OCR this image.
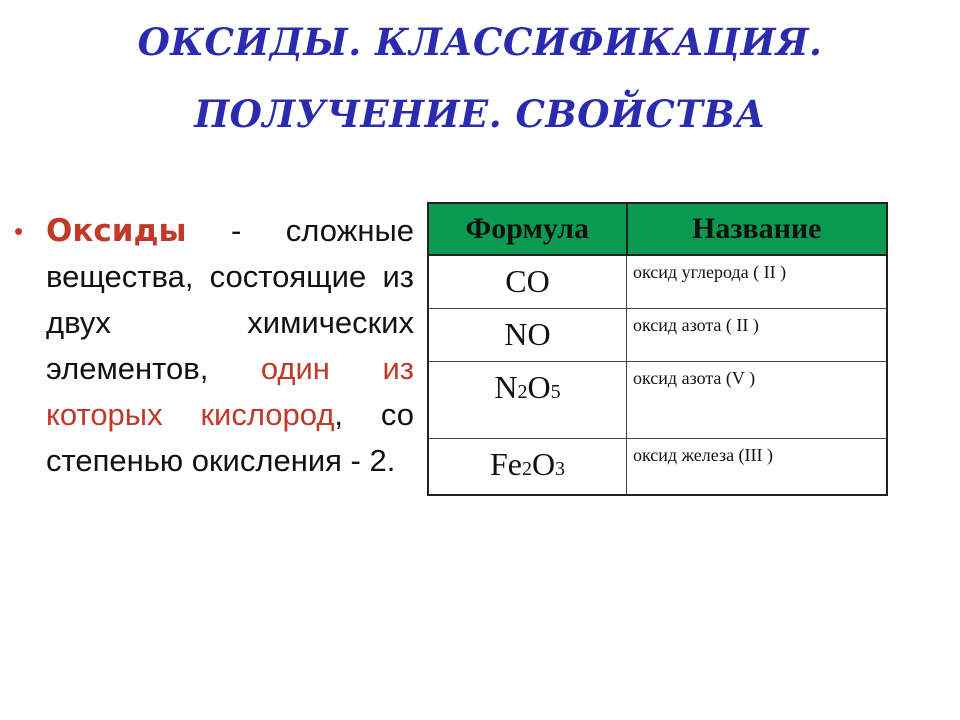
ОКСИДЫ. КЛАССИФИКАЦИЯ.
ПОЛУЧЕНИЕ. СВОЙСТВА
• Оксиды - сложные вещества, состоящие из двух химических элементов, один из которых кислород, со степенью окисления - 2.
Формула	Название
CO	оксид углерода ( II )
NO	оксид азота ( II )
N2O5	оксид азота (V )
Fe2O3	оксид железа (III )
